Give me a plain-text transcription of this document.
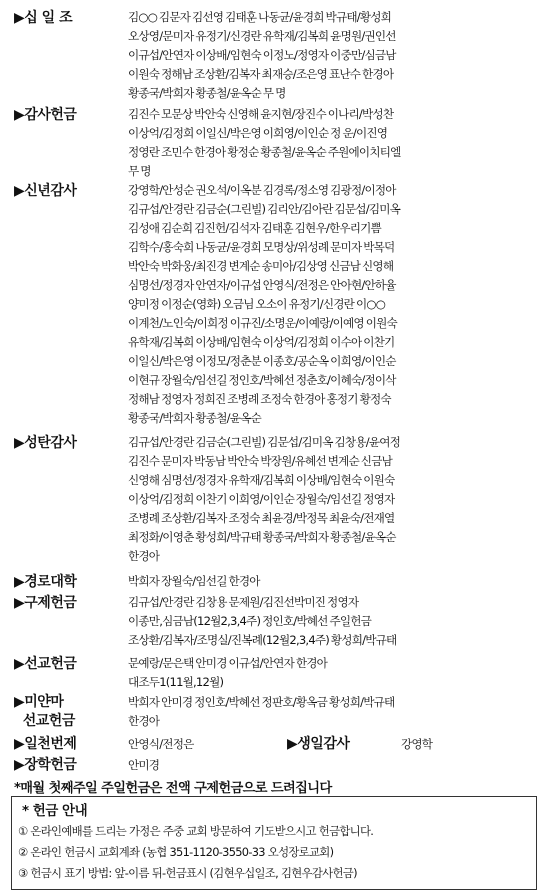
▶십 일 조	김○○ 김문자 김선영 김태훈 나동균/윤경희 박규태/황성희
오상영/문미자 유정기/신경란 유학재/김복희 윤명원/권인선
이규섭/안연자 이상배/임현숙 이정노/정영자 이중만/심금남
이원숙 정해남 조상환/김복자 최재승/조은영 표난수 한경아
황종국/박희자 황종철/윤옥순 무 명
▶감사헌금	김진수 모문상 박안숙 신영해 윤지현/장진수 이나리/박성찬
이상억/김정희 이일신/박은영 이희영/이인순 정 운/이진영
정영란 조민수 한경아 황정순 황종철/윤옥순 주원에이치티엘
무 명
▶신년감사	강영학/안성순 권오석/이옥분 김경록/정소영 김광정/이정아
김규섭/안경란 김금순(그린빌) 김리안/김아란 김문섭/김미옥
김성애 김순희 김진헌/김석자 김태훈 김현우/한우리기쁨
김학수/홍숙희 나동균/윤경희 모명상/위성례 문미자 박목덕
박안숙 박화웅/최진경 변계순 송미아/김상영 신금남 신영해
심명선/정경자 안연자/이규섭 안영식/전정은 안아현/안하율
양미정 이정순(영화) 오금님 오소이 유정기/신경란 이○○
이계천/노인숙/이희정 이규진/소명운/이예랑/이예영 이원숙
유학재/김복희 이상배/임현숙 이상억/김정희 이수아 이찬기
이일신/박은영 이정모/정춘분 이종호/공순옥 이희영/이인순
이현규 장월숙/임선길 정인호/박혜선 정춘호/이혜숙/정이삭
정해남 정영자 정희진 조병례 조정숙 한경아 홍정기 황정숙
황종국/박희자 황종철/윤옥순
▶성탄감사	김규섭/안경란 김금순(그린빌) 김문섭/김미옥 김창용/윤여정
김진수 문미자 박동남 박안숙 박장원/유혜선 변계순 신금남
신영해 심명선/정경자 유학재/김복희 이상배/임현숙 이원숙
이상억/김정희 이찬기 이희영/이인순 장월숙/임선길 정영자
조병례 조상환/김복자 조정숙 최윤경/박정목 최윤숙/전재열
최정화/이영춘 황성희/박규태 황종국/박희자 황종철/윤옥순
한경아
▶경로대학	박희자 장월숙/임선길 한경아
▶구제헌금	김규섭/안경란 김창용 문제원/김진선박미진 정영자
이종만,심금남(12월2,3,4주) 정인호/박혜선 주일헌금
조상환/김복자/조명실/진복례(12월2,3,4주) 황성희/박규태
▶선교헌금	문예랑/문은택 안미경 이규섭/안연자 한경아
대조두1(11월,12월)
▶미얀마
선교헌금
박희자 안미경 정인호/박혜선 정판호/황옥금 황성희/박규태
한경아
▶일천번제	안영식/전정은	▶생일감사	강영학
▶장학헌금	안미경
*매월 첫째주일 주일헌금은 전액 구제헌금으로 드려집니다
* 헌금 안내
① 온라인예배를 드리는 가정은 주중 교회 방문하여 기도받으시고 헌금합니다.
② 온라인 헌금시 교회계좌 (농협 351-1120-3550-33 오성장로교회)
③ 헌금시 표기 방법: 앞-이름 뒤-헌금표시 (김현우십일조, 김현우감사헌금)
